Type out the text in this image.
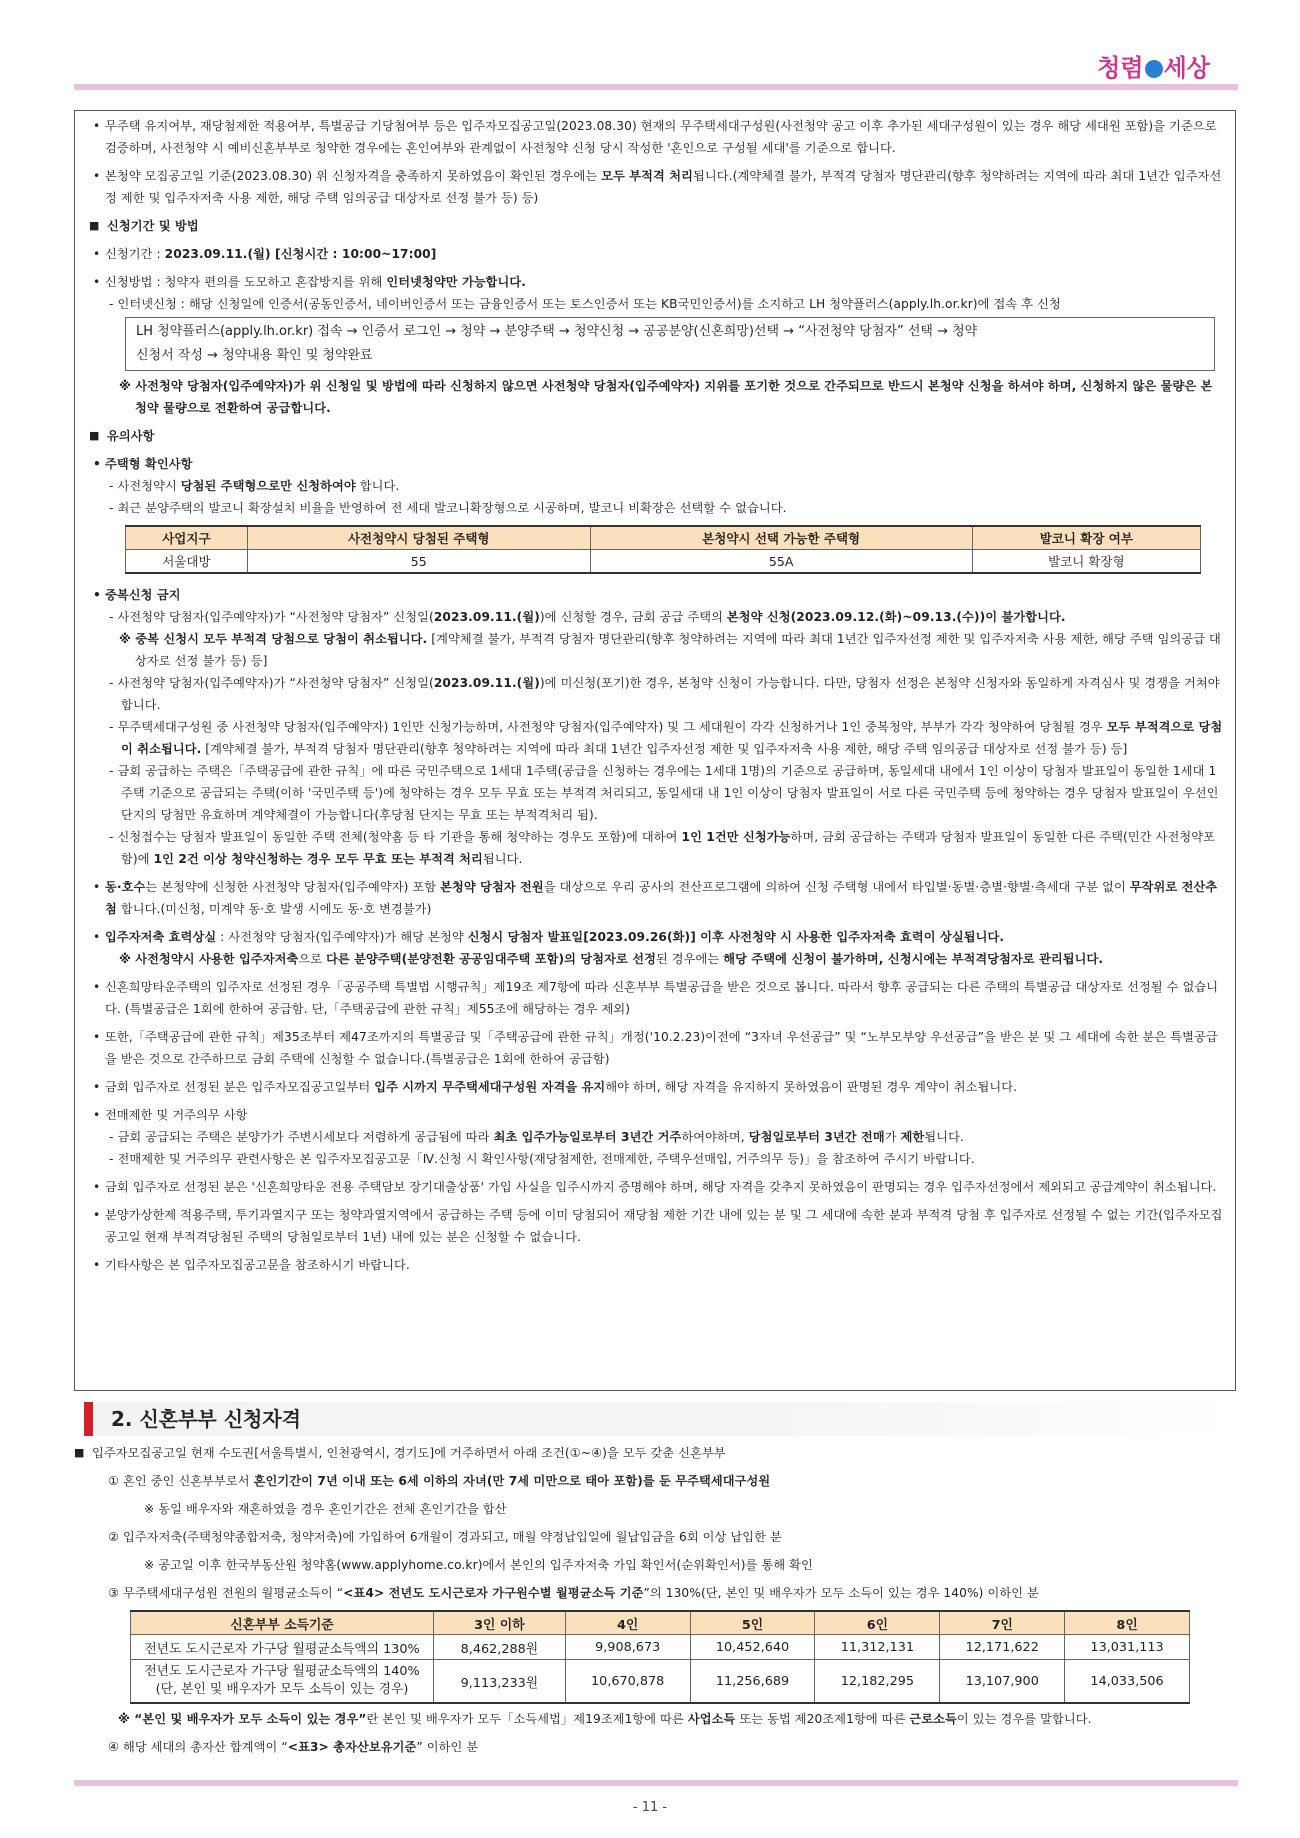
청렴 세상

• 무주택 유지여부, 재당첨제한 적용여부, 특별공급 기당첨여부 등은 입주자모집공고일(2023.08.30) 현재의 무주택세대구성원(사전청약 공고 이후 추가된 세대구성원이 있는 경우 해당 세대원 포함)을 기준으로 검증하며, 사전청약 시 예비신혼부부로 청약한 경우에는 혼인여부와 관계없이 사전청약 신청 당시 작성한 '혼인으로 구성될 세대'를 기준으로 합니다.

• 본청약 모집공고일 기준(2023.08.30) 위 신청자격을 충족하지 못하였음이 확인된 경우에는 모두 부적격 처리됩니다.(계약체결 불가, 부적격 당첨자 명단관리(향후 청약하려는 지역에 따라 최대 1년간 입주자선정 제한 및 입주자저축 사용 제한, 해당 주택 임의공급 대상자로 선정 불가 등) 등)

■ 신청기간 및 방법

• 신청기간 : 2023.09.11.(월) [신청시간 : 10:00~17:00]

• 신청방법 : 청약자 편의를 도모하고 혼잡방지를 위해 인터넷청약만 가능합니다.

- 인터넷신청 : 해당 신청일에 인증서(공동인증서, 네이버인증서 또는 금융인증서 또는 토스인증서 또는 KB국민인증서)를 소지하고 LH 청약플러스(apply.lh.or.kr)에 접속 후 신청

LH 청약플러스(apply.lh.or.kr) 접속 → 인증서 로그인 → 청약 → 분양주택 → 청약신청 → 공공분양(신혼희망)선택 → “사전청약 당첨자” 선택 → 청약
신청서 작성 → 청약내용 확인 및 청약완료

※ 사전청약 당첨자(입주예약자)가 위 신청일 및 방법에 따라 신청하지 않으면 사전청약 당첨자(입주예약자) 지위를 포기한 것으로 간주되므로 반드시 본청약 신청을 하셔야 하며, 신청하지 않은 물량은 본청약 물량으로 전환하여 공급합니다.

■ 유의사항

• 주택형 확인사항

- 사전청약시 당첨된 주택형으로만 신청하여야 합니다.

- 최근 분양주택의 발코니 확장설치 비율을 반영하여 전 세대 발코니확장형으로 시공하며, 발코니 비확장은 선택할 수 없습니다.

사업지구	사전청약시 당첨된 주택형	본청약시 선택 가능한 주택형	발코니 확장 여부
서울대방	55	55A	발코니 확장형

• 중복신청 금지

- 사전청약 당첨자(입주예약자)가 “사전청약 당첨자” 신청일(2023.09.11.(월))에 신청할 경우, 금회 공급 주택의 본청약 신청(2023.09.12.(화)~09.13.(수))이 불가합니다.

※ 중복 신청시 모두 부적격 당첨으로 당첨이 취소됩니다. [계약체결 불가, 부적격 당첨자 명단관리(향후 청약하려는 지역에 따라 최대 1년간 입주자선정 제한 및 입주자저축 사용 제한, 해당 주택 임의공급 대상자로 선정 불가 등) 등]

- 사전청약 당첨자(입주예약자)가 “사전청약 당첨자” 신청일(2023.09.11.(월))에 미신청(포기)한 경우, 본청약 신청이 가능합니다. 다만, 당첨자 선정은 본청약 신청자와 동일하게 자격심사 및 경쟁을 거쳐야 합니다.

- 무주택세대구성원 중 사전청약 당첨자(입주예약자) 1인만 신청가능하며, 사전청약 당첨자(입주예약자) 및 그 세대원이 각각 신청하거나 1인 중복청약, 부부가 각각 청약하여 당첨될 경우 모두 부적격으로 당첨이 취소됩니다. [계약체결 불가, 부적격 당첨자 명단관리(향후 청약하려는 지역에 따라 최대 1년간 입주자선정 제한 및 입주자저축 사용 제한, 해당 주택 임의공급 대상자로 선정 불가 등) 등]

- 금회 공급하는 주택은「주택공급에 관한 규칙」에 따른 국민주택으로 1세대 1주택(공급을 신청하는 경우에는 1세대 1명)의 기준으로 공급하며, 동일세대 내에서 1인 이상이 당첨자 발표일이 동일한 1세대 1주택 기준으로 공급되는 주택(이하 '국민주택 등')에 청약하는 경우 모두 무효 또는 부적격 처리되고, 동일세대 내 1인 이상이 당첨자 발표일이 서로 다른 국민주택 등에 청약하는 경우 당첨자 발표일이 우선인 단지의 당첨만 유효하며 계약체결이 가능합니다(후당첨 단지는 무효 또는 부적격처리 됨).

- 신청접수는 당첨자 발표일이 동일한 주택 전체(청약홈 등 타 기관을 통해 청약하는 경우도 포함)에 대하여 1인 1건만 신청가능하며, 금회 공급하는 주택과 당첨자 발표일이 동일한 다른 주택(민간 사전청약포함)에 1인 2건 이상 청약신청하는 경우 모두 무효 또는 부적격 처리됩니다.

• 동·호수는 본청약에 신청한 사전청약 당첨자(입주예약자) 포함 본청약 당첨자 전원을 대상으로 우리 공사의 전산프로그램에 의하여 신청 주택형 내에서 타입별·동별·층별·향별·측세대 구분 없이 무작위로 전산추첨 합니다.(미신청, 미계약 동·호 발생 시에도 동·호 변경불가)

• 입주자저축 효력상실 : 사전청약 당첨자(입주예약자)가 해당 본청약 신청시 당첨자 발표일[2023.09.26(화)] 이후 사전청약 시 사용한 입주자저축 효력이 상실됩니다.

※ 사전청약시 사용한 입주자저축으로 다른 분양주택(분양전환 공공임대주택 포함)의 당첨자로 선정된 경우에는 해당 주택에 신청이 불가하며, 신청시에는 부적격당첨자로 관리됩니다.

• 신혼희망타운주택의 입주자로 선정된 경우「공공주택 특별법 시행규칙」제19조 제7항에 따라 신혼부부 특별공급을 받은 것으로 봅니다. 따라서 향후 공급되는 다른 주택의 특별공급 대상자로 선정될 수 없습니다. (특별공급은 1회에 한하여 공급함. 단,「주택공급에 관한 규칙」제55조에 해당하는 경우 제외)

• 또한,「주택공급에 관한 규칙」제35조부터 제47조까지의 특별공급 및「주택공급에 관한 규칙」개정('10.2.23)이전에 “3자녀 우선공급” 및 “노부모부양 우선공급”을 받은 분 및 그 세대에 속한 분은 특별공급을 받은 것으로 간주하므로 금회 주택에 신청할 수 없습니다.(특별공급은 1회에 한하여 공급함)

• 금회 입주자로 선정된 분은 입주자모집공고일부터 입주 시까지 무주택세대구성원 자격을 유지해야 하며, 해당 자격을 유지하지 못하였음이 판명된 경우 계약이 취소됩니다.

• 전매제한 및 거주의무 사항

- 금회 공급되는 주택은 분양가가 주변시세보다 저렴하게 공급됨에 따라 최초 입주가능일로부터 3년간 거주하여야하며, 당첨일로부터 3년간 전매가 제한됩니다.

- 전매제한 및 거주의무 관련사항은 본 입주자모집공고문「Ⅳ.신청 시 확인사항(재당첨제한, 전매제한, 주택우선매입, 거주의무 등)」을 참조하여 주시기 바랍니다.

• 금회 입주자로 선정된 분은 '신혼희망타운 전용 주택담보 장기대출상품' 가입 사실을 입주시까지 증명해야 하며, 해당 자격을 갖추지 못하였음이 판명되는 경우 입주자선정에서 제외되고 공급계약이 취소됩니다.

• 분양가상한제 적용주택, 투기과열지구 또는 청약과열지역에서 공급하는 주택 등에 이미 당첨되어 재당첨 제한 기간 내에 있는 분 및 그 세대에 속한 분과 부적격 당첨 후 입주자로 선정될 수 없는 기간(입주자모집공고일 현재 부적격당첨된 주택의 당첨일로부터 1년) 내에 있는 분은 신청할 수 없습니다.

• 기타사항은 본 입주자모집공고문을 참조하시기 바랍니다.

2. 신혼부부 신청자격

■ 입주자모집공고일 현재 수도권[서울특별시, 인천광역시, 경기도]에 거주하면서 아래 조건(①~④)을 모두 갖춘 신혼부부

① 혼인 중인 신혼부부로서 혼인기간이 7년 이내 또는 6세 이하의 자녀(만 7세 미만으로 태아 포함)를 둔 무주택세대구성원

※ 동일 배우자와 재혼하였을 경우 혼인기간은 전체 혼인기간을 합산

② 입주자저축(주택청약종합저축, 청약저축)에 가입하여 6개월이 경과되고, 매월 약정납입일에 월납입금을 6회 이상 납입한 분

※ 공고일 이후 한국부동산원 청약홈(www.applyhome.co.kr)에서 본인의 입주자저축 가입 확인서(순위확인서)를 통해 확인

③ 무주택세대구성원 전원의 월평균소득이 “<표4> 전년도 도시근로자 가구원수별 월평균소득 기준”의 130%(단, 본인 및 배우자가 모두 소득이 있는 경우 140%) 이하인 분

신혼부부 소득기준	3인 이하	4인	5인	6인	7인	8인
전년도 도시근로자 가구당 월평균소득액의 130%	8,462,288원	9,908,673	10,452,640	11,312,131	12,171,622	13,031,113

전년도 도시근로자 가구당 월평균소득액의 140%
(단, 본인 및 배우자가 모두 소득이 있는 경우)	9,113,233원	10,670,878	11,256,689	12,182,295	13,107,900	14,033,506

※ “본인 및 배우자가 모두 소득이 있는 경우”란 본인 및 배우자가 모두「소득세법」제19조제1항에 따른 사업소득 또는 동법 제20조제1항에 따른 근로소득이 있는 경우를 말합니다.

④ 해당 세대의 총자산 합계액이 “<표3> 총자산보유기준” 이하인 분

- 11 -
